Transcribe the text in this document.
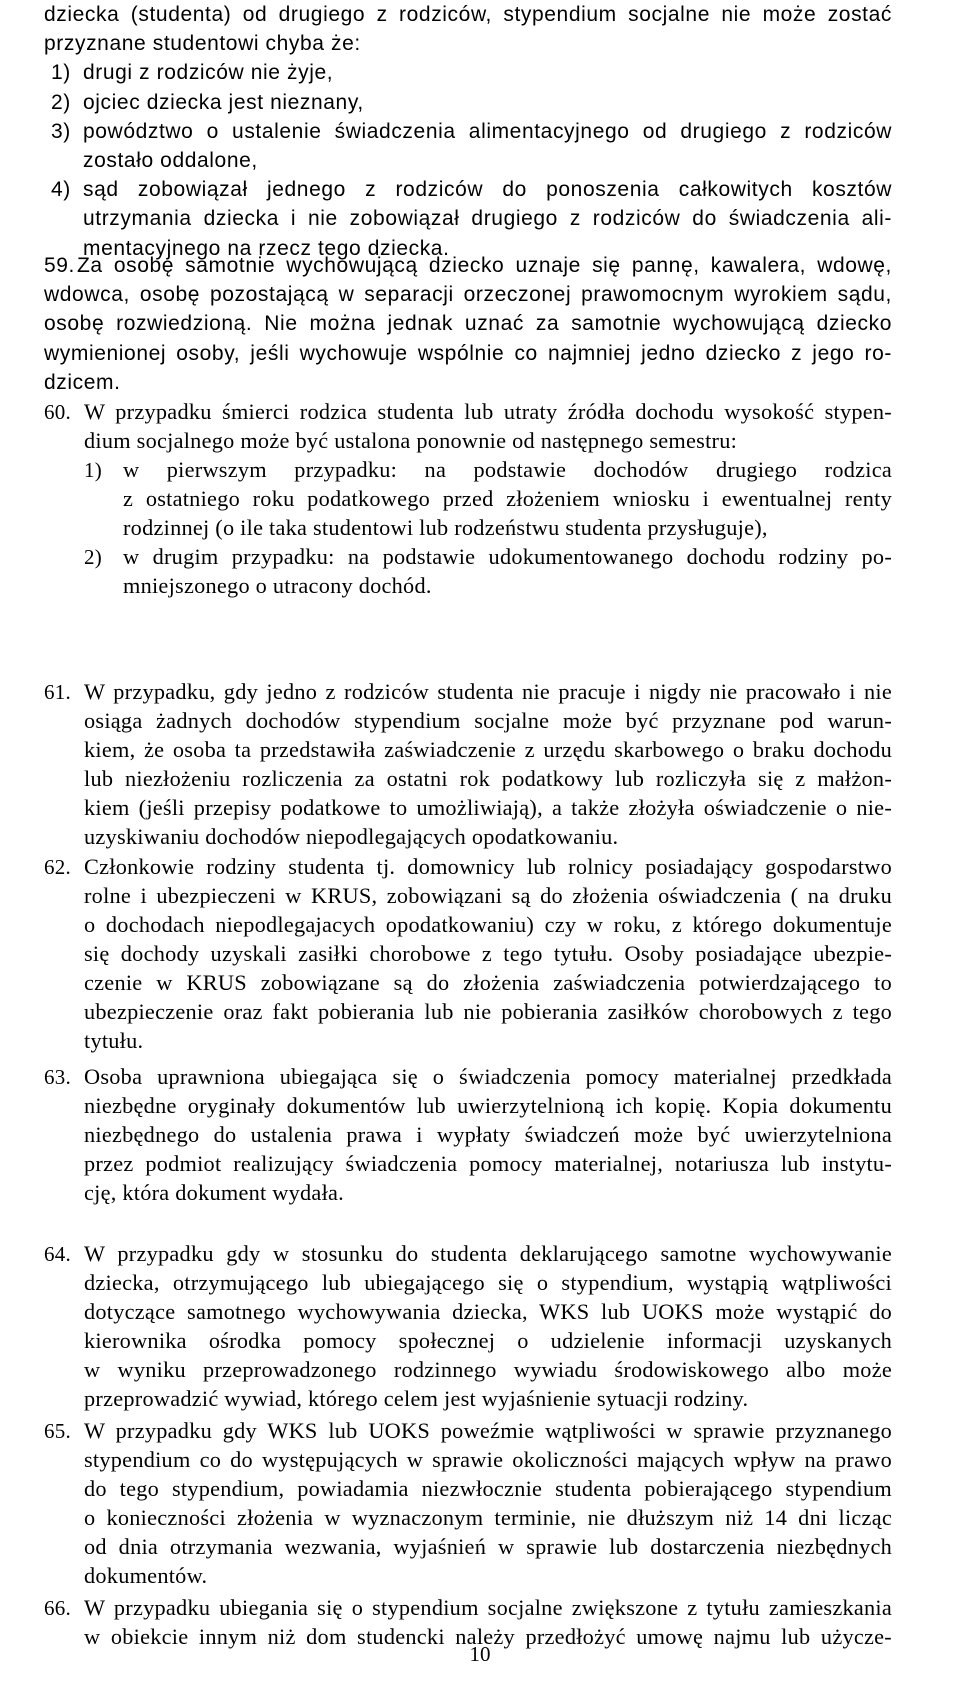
dziecka (studenta) od drugiego z rodziców, stypendium socjalne nie może zostać
przyznane studentowi chyba że:
1) drugi z rodziców nie żyje,
2) ojciec dziecka jest nieznany,
3) powództwo o ustalenie świadczenia alimentacyjnego od drugiego z rodziców
zostało oddalone,
4) sąd zobowiązał jednego z rodziców do ponoszenia całkowitych kosztów
utrzymania dziecka i nie zobowiązał drugiego z rodziców do świadczenia ali-
mentacyjnego na rzecz tego dziecka.
59. Za osobę samotnie wychowującą dziecko uznaje się pannę, kawalera, wdowę,
wdowca, osobę pozostającą w separacji orzeczonej prawomocnym wyrokiem sądu,
osobę rozwiedzioną. Nie można jednak uznać za samotnie wychowującą dziecko
wymienionej osoby, jeśli wychowuje wspólnie co najmniej jedno dziecko z jego ro-
dzicem.
60. W przypadku śmierci rodzica studenta lub utraty źródła dochodu wysokość stypen-
dium socjalnego może być ustalona ponownie od następnego semestru:
1) w pierwszym przypadku: na podstawie dochodów drugiego rodzica
z ostatniego roku podatkowego przed złożeniem wniosku i ewentualnej renty
rodzinnej (o ile taka studentowi lub rodzeństwu studenta przysługuje),
2) w drugim przypadku: na podstawie udokumentowanego dochodu rodziny po-
mniejszonego o utracony dochód.
61. W przypadku, gdy jedno z rodziców studenta nie pracuje i nigdy nie pracowało i nie
osiąga żadnych dochodów stypendium socjalne może być przyznane pod warun-
kiem, że osoba ta przedstawiła zaświadczenie z urzędu skarbowego o braku dochodu
lub niezłożeniu rozliczenia za ostatni rok podatkowy lub rozliczyła się z małżon-
kiem (jeśli przepisy podatkowe to umożliwiają), a także złożyła oświadczenie o nie-
uzyskiwaniu dochodów niepodlegających opodatkowaniu.
62. Członkowie rodziny studenta tj. domownicy lub rolnicy posiadający gospodarstwo
rolne i ubezpieczeni w KRUS, zobowiązani są do złożenia oświadczenia ( na druku
o dochodach niepodlegajacych opodatkowaniu) czy w roku, z którego dokumentuje
się dochody uzyskali zasiłki chorobowe z tego tytułu. Osoby posiadające ubezpie-
czenie w KRUS zobowiązane są do złożenia zaświadczenia potwierdzającego to
ubezpieczenie oraz fakt pobierania lub nie pobierania zasiłków chorobowych z tego
tytułu.
63. Osoba uprawniona ubiegająca się o świadczenia pomocy materialnej przedkłada
niezbędne oryginały dokumentów lub uwierzytelnioną ich kopię. Kopia dokumentu
niezbędnego do ustalenia prawa i wypłaty świadczeń może być uwierzytelniona
przez podmiot realizujący świadczenia pomocy materialnej, notariusza lub instytu-
cję, która dokument wydała.
64. W przypadku gdy w stosunku do studenta deklarującego samotne wychowywanie
dziecka, otrzymującego lub ubiegającego się o stypendium, wystąpią wątpliwości
dotyczące samotnego wychowywania dziecka, WKS lub UOKS może wystąpić do
kierownika ośrodka pomocy społecznej o udzielenie informacji uzyskanych
w wyniku przeprowadzonego rodzinnego wywiadu środowiskowego albo może
przeprowadzić wywiad, którego celem jest wyjaśnienie sytuacji rodziny.
65. W przypadku gdy WKS lub UOKS poweźmie wątpliwości w sprawie przyznanego
stypendium co do występujących w sprawie okoliczności mających wpływ na prawo
do tego stypendium, powiadamia niezwłocznie studenta pobierającego stypendium
o konieczności złożenia w wyznaczonym terminie, nie dłuższym niż 14 dni licząc
od dnia otrzymania wezwania, wyjaśnień w sprawie lub dostarczenia niezbędnych
dokumentów.
66. W przypadku ubiegania się o stypendium socjalne zwiększone z tytułu zamieszkania
w obiekcie innym niż dom studencki należy przedłożyć umowę najmu lub użycze-
10
